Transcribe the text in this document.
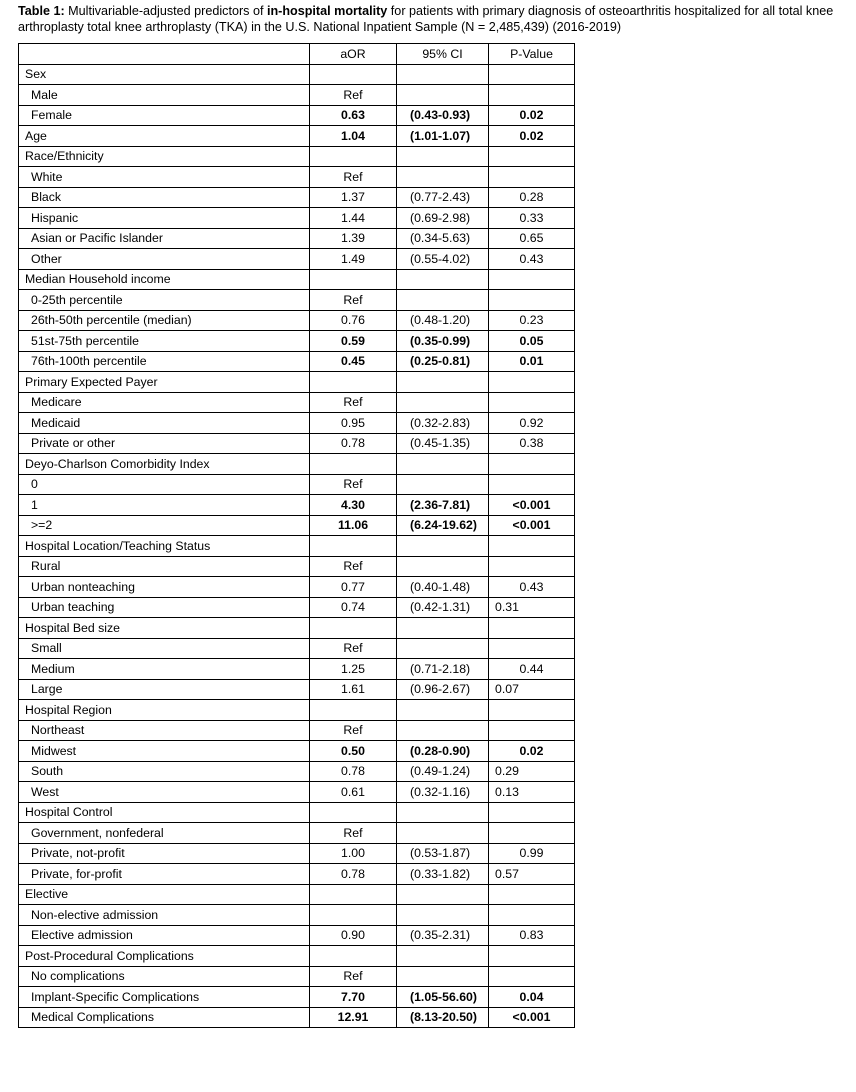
Table 1: Multivariable-adjusted predictors of in-hospital mortality for patients with primary diagnosis of osteoarthritis hospitalized for all total knee arthroplasty total knee arthroplasty (TKA) in the U.S. National Inpatient Sample (N = 2,485,439) (2016-2019)
	aOR	95% CI	P-Value
Sex			
Male	Ref		
Female	0.63	(0.43-0.93)	0.02
Age	1.04	(1.01-1.07)	0.02
Race/Ethnicity			
White	Ref		
Black	1.37	(0.77-2.43)	0.28
Hispanic	1.44	(0.69-2.98)	0.33
Asian or Pacific Islander	1.39	(0.34-5.63)	0.65
Other	1.49	(0.55-4.02)	0.43
Median Household income			
0-25th percentile	Ref		
26th-50th percentile (median)	0.76	(0.48-1.20)	0.23
51st-75th percentile	0.59	(0.35-0.99)	0.05
76th-100th percentile	0.45	(0.25-0.81)	0.01
Primary Expected Payer			
Medicare	Ref		
Medicaid	0.95	(0.32-2.83)	0.92
Private or other	0.78	(0.45-1.35)	0.38
Deyo-Charlson Comorbidity Index			
0	Ref		
1	4.30	(2.36-7.81)	<0.001
>=2	11.06	(6.24-19.62)	<0.001
Hospital Location/Teaching Status			
Rural	Ref		
Urban nonteaching	0.77	(0.40-1.48)	0.43
Urban teaching	0.74	(0.42-1.31)	0.31
Hospital Bed size			
Small	Ref		
Medium	1.25	(0.71-2.18)	0.44
Large	1.61	(0.96-2.67)	0.07
Hospital Region			
Northeast	Ref		
Midwest	0.50	(0.28-0.90)	0.02
South	0.78	(0.49-1.24)	0.29
West	0.61	(0.32-1.16)	0.13
Hospital Control			
Government, nonfederal	Ref		
Private, not-profit	1.00	(0.53-1.87)	0.99
Private, for-profit	0.78	(0.33-1.82)	0.57
Elective			
Non-elective admission			
Elective admission	0.90	(0.35-2.31)	0.83
Post-Procedural Complications			
No complications	Ref		
Implant-Specific Complications	7.70	(1.05-56.60)	0.04
Medical Complications	12.91	(8.13-20.50)	<0.001
